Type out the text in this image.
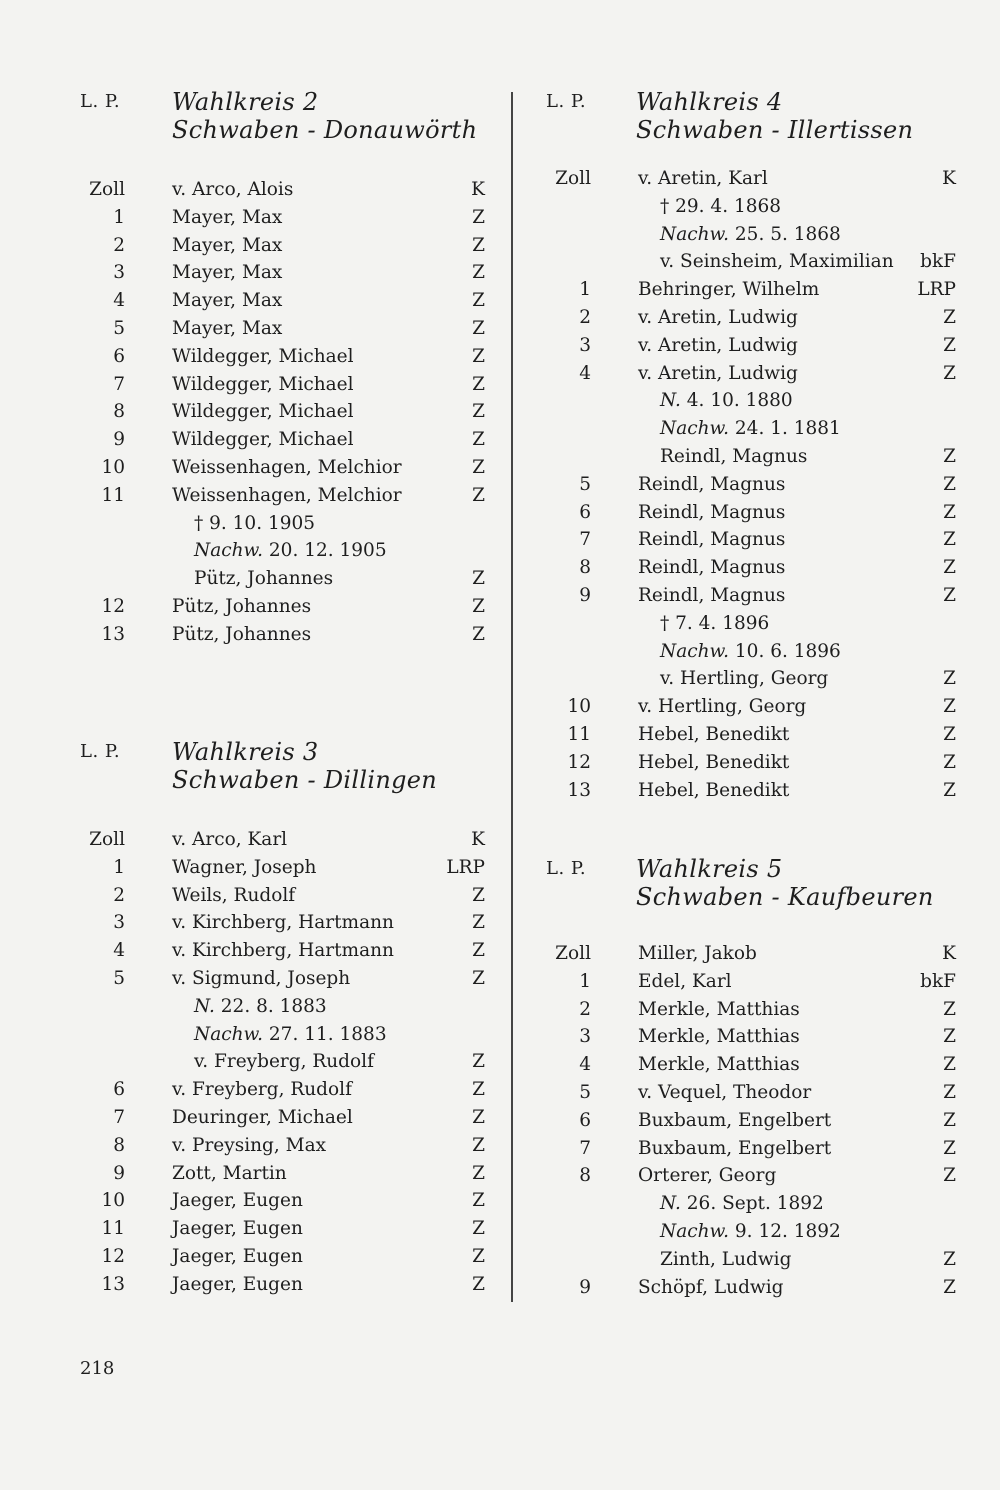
L. P. Wahlkreis 2
Schwaben - Donauwörth
Zoll	v. Arco, Alois	K
1	Mayer, Max	Z
2	Mayer, Max	Z
3	Mayer, Max	Z
4	Mayer, Max	Z
5	Mayer, Max	Z
6	Wildegger, Michael	Z
7	Wildegger, Michael	Z
8	Wildegger, Michael	Z
9	Wildegger, Michael	Z
10	Weissenhagen, Melchior	Z
11	Weissenhagen, Melchior	Z
† 9. 10. 1905
Nachw. 20. 12. 1905
Pütz, Johannes	Z
12	Pütz, Johannes	Z
13	Pütz, Johannes	Z
L. P. Wahlkreis 3
Schwaben - Dillingen
Zoll	v. Arco, Karl	K
1	Wagner, Joseph	LRP
2	Weils, Rudolf	Z
3	v. Kirchberg, Hartmann	Z
4	v. Kirchberg, Hartmann	Z
5	v. Sigmund, Joseph	Z
N. 22. 8. 1883
Nachw. 27. 11. 1883
v. Freyberg, Rudolf	Z
6	v. Freyberg, Rudolf	Z
7	Deuringer, Michael	Z
8	v. Preysing, Max	Z
9	Zott, Martin	Z
10	Jaeger, Eugen	Z
11	Jaeger, Eugen	Z
12	Jaeger, Eugen	Z
13	Jaeger, Eugen	Z
L. P. Wahlkreis 4
Schwaben - Illertissen
Zoll	v. Aretin, Karl	K
† 29. 4. 1868
Nachw. 25. 5. 1868
v. Seinsheim, Maximilian bkF
1	Behringer, Wilhelm	LRP
2	v. Aretin, Ludwig	Z
3	v. Aretin, Ludwig	Z
4	v. Aretin, Ludwig	Z
N. 4. 10. 1880
Nachw. 24. 1. 1881
Reindl, Magnus	Z
5	Reindl, Magnus	Z
6	Reindl, Magnus	Z
7	Reindl, Magnus	Z
8	Reindl, Magnus	Z
9	Reindl, Magnus	Z
† 7. 4. 1896
Nachw. 10. 6. 1896
v. Hertling, Georg	Z
10	v. Hertling, Georg	Z
11	Hebel, Benedikt	Z
12	Hebel, Benedikt	Z
13	Hebel, Benedikt	Z
L. P. Wahlkreis 5
Schwaben - Kaufbeuren
Zoll	Miller, Jakob	K
1	Edel, Karl	bkF
2	Merkle, Matthias	Z
3	Merkle, Matthias	Z
4	Merkle, Matthias	Z
5	v. Vequel, Theodor	Z
6	Buxbaum, Engelbert	Z
7	Buxbaum, Engelbert	Z
8	Orterer, Georg	Z
N. 26. Sept. 1892
Nachw. 9. 12. 1892
Zinth, Ludwig	Z
9	Schöpf, Ludwig	Z
218
